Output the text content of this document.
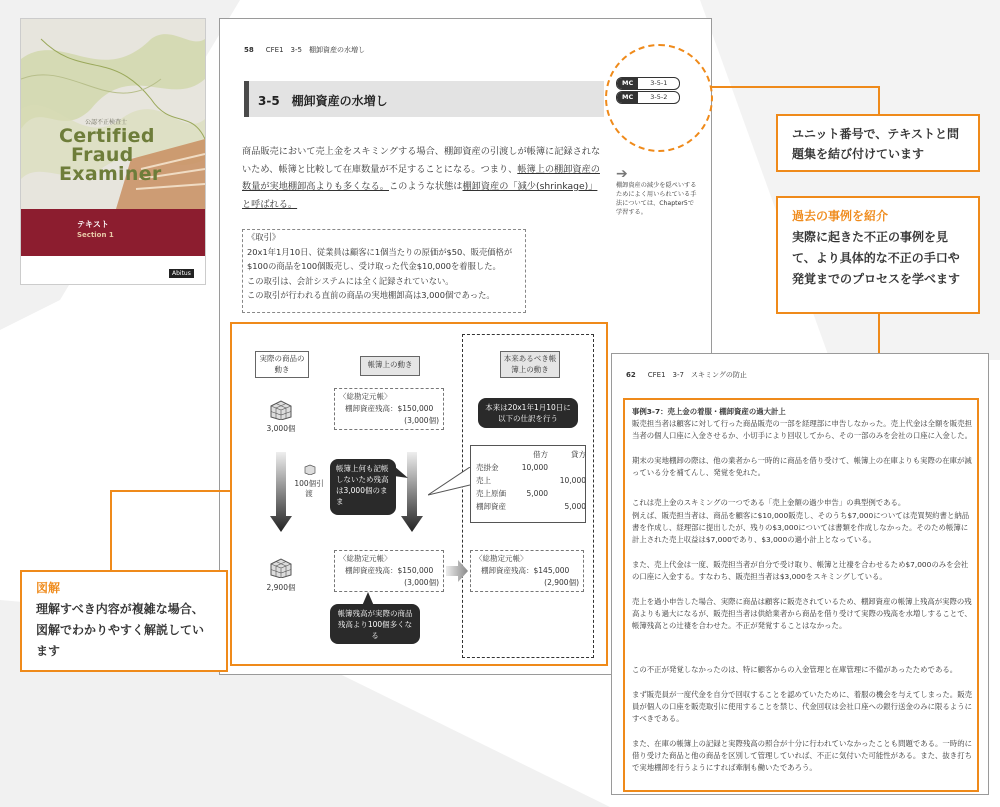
公認不正検査士
Certified
Fraud
Examiner
テキスト
Section 1
Abitus
58 CFE1　3-5　棚卸資産の水増し
MC	3-5-1
MC	3-5-2
3-5　棚卸資産の水増し
商品販売において売上金をスキミングする場合、棚卸資産の引渡しが帳簿に記録されないため、帳簿と比較して在庫数量が不足することになる。つまり、帳簿上の棚卸資産の数量が実地棚卸高よりも多くなる。このような状態は棚卸資産の「減少(shrinkage)」と呼ばれる。
➔
棚卸資産の減少を隠ぺいするためによく用いられている手法については、Chapter5で学習する。
《取引》
20x1年1月10日、従業員は顧客に1個当たりの原価が$50、販売価格が$100の商品を100個販売し、受け取った代金$10,000を着服した。
この取引は、会計システムには全く記録されていない。
この取引が行われる直前の商品の実地棚卸高は3,000個であった。
実際の商品の動き
帳簿上の動き
本来あるべき帳簿上の動き
3,000個
100個引渡
2,900個
〈総勘定元帳〉
棚卸資産残高：$150,000
(3,000個)
〈総勘定元帳〉
棚卸資産残高：$150,000
(3,000個)
〈総勘定元帳〉
棚卸資産残高：$145,000
(2,900個)
本来は20x1年1月10日に以下の仕訳を行う
帳簿上何も記帳しないため残高は3,000個のまま
帳簿残高が実際の商品残高より100個多くなる
	借方	貸方
売掛金	10,000	
売上		10,000
売上原価	5,000	
棚卸資産		5,000
62 CFE1　3-7　スキミングの防止
事例3-7：売上金の着服・棚卸資産の過大計上
販売担当者は顧客に対して行った商品販売の一部を経理部に申告しなかった。売上代金は全額を販売担当者の個人口座に入金させるか、小切手により回収してから、その一部のみを会社の口座に入金した。
期末の実地棚卸の際は、他の業者から一時的に商品を借り受けて、帳簿上の在庫よりも実際の在庫が減っている分を補てんし、発覚を免れた。
これは売上金のスキミングの一つである「売上金額の過少申告」の典型例である。
例えば、販売担当者は、商品を顧客に$10,000販売し、そのうち$7,000については売買契約書と納品書を作成し、経理部に提出したが、残りの$3,000については書類を作成しなかった。そのため帳簿に計上された売上収益は$7,000であり、$3,000の過小計上となっている。
また、売上代金は一度、販売担当者が自分で受け取り、帳簿と辻褄を合わせるため$7,000のみを会社の口座に入金する。すなわち、販売担当者は$3,000をスキミングしている。
売上を過小申告した場合、実際に商品は顧客に販売されているため、棚卸資産の帳簿上残高が実際の残高よりも過大になるが、販売担当者は供給業者から商品を借り受けて実際の残高を水増しすることで、帳簿残高との辻褄を合わせた。不正が発覚することはなかった。
この不正が発覚しなかったのは、特に顧客からの入金管理と在庫管理に不備があったためである。
まず販売員が一度代金を自分で回収することを認めていたために、着服の機会を与えてしまった。販売員が個人の口座を販売取引に使用することを禁じ、代金回収は会社口座への銀行送金のみに限るようにすべきである。
また、在庫の帳簿上の記録と実際残高の照合が十分に行われていなかったことも問題である。一時的に借り受けた商品と他の商品を区別して管理していれば、不正に気付いた可能性がある。また、抜き打ちで実地棚卸を行うようにすれば牽制も働いたであろう。
ユニット番号で、テキストと問題集を結び付けています
過去の事例を紹介
実際に起きた不正の事例を見て、より具体的な不正の手口や発覚までのプロセスを学べます
図解
理解すべき内容が複雑な場合、図解でわかりやすく解説しています
